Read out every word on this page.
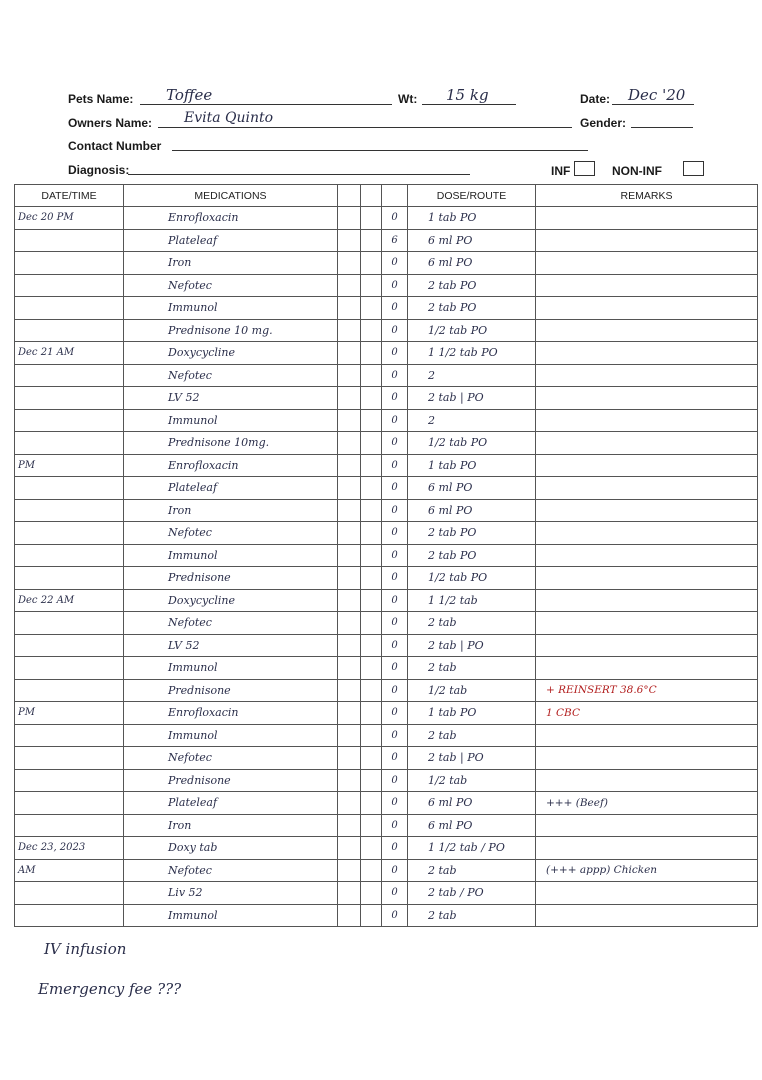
Pets Name: Toffee	Wt: 15 kg	Date: Dec '20
Owners Name: Evita Quinto	Gender:
Contact Number
Diagnosis:	INF	NON-INF
DATE/TIME	MEDICATIONS				DOSE/ROUTE	REMARKS
Dec 20 PM	Enrofloxacin			0	1 tab PO	
	Plateleaf			6	6 ml PO	
	Iron			0	6 ml PO	
	Nefotec			0	2 tab PO	
	Immunol			0	2 tab PO	
	Prednisone 10 mg.			0	1/2 tab PO	
Dec 21 AM	Doxycycline			0	1 1/2 tab PO	
	Nefotec			0	2	
	LV 52			0	2 tab | PO	
	Immunol			0	2	
	Prednisone 10mg.			0	1/2 tab PO	
PM	Enrofloxacin			0	1 tab PO	
	Plateleaf			0	6 ml PO	
	Iron			0	6 ml PO	
	Nefotec			0	2 tab PO	
	Immunol			0	2 tab PO	
	Prednisone			0	1/2 tab PO	
Dec 22 AM	Doxycycline			0	1 1/2 tab	
	Nefotec			0	2 tab	
	LV 52			0	2 tab | PO	
	Immunol			0	2 tab	
	Prednisone			0	1/2 tab	+ REINSERT 38.6°C
PM	Enrofloxacin			0	1 tab PO	1 CBC
	Immunol			0	2 tab	
	Nefotec			0	2 tab | PO	
	Prednisone			0	1/2 tab	
	Plateleaf			0	6 ml PO	+++ (Beef)
	Iron			0	6 ml PO	
Dec 23, 2023	Doxy tab			0	1 1/2 tab / PO	
AM	Nefotec			0	2 tab	(+++ appp) Chicken
	Liv 52			0	2 tab / PO	
	Immunol			0	2 tab	
IV infusion
Emergency fee ???
